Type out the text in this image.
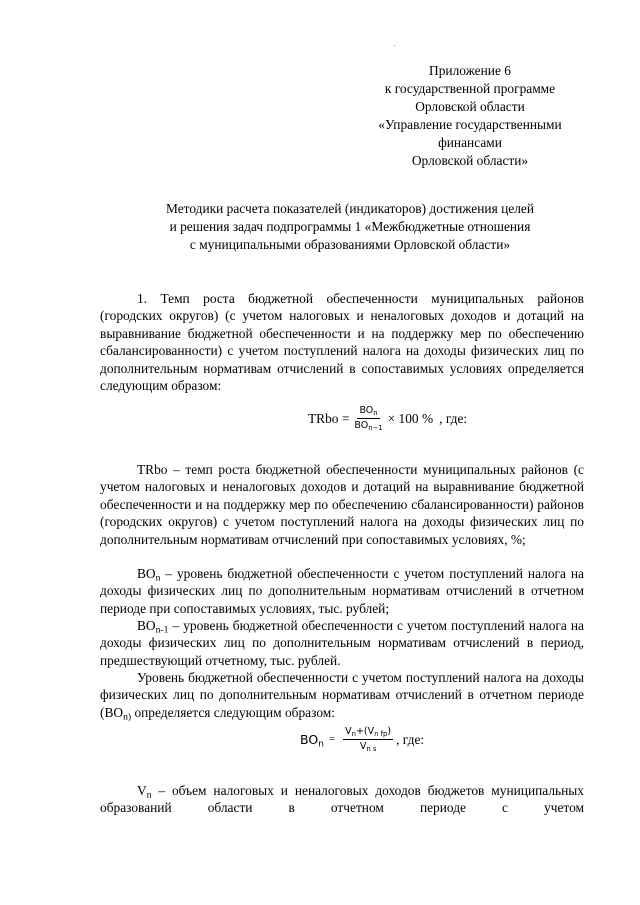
Приложение 6
к государственной программе
Орловской области
«Управление государственными
финансами
Орловской области»
Методики расчета показателей (индикаторов) достижения целей
и решения задач подпрограммы 1 «Межбюджетные отношения
с муниципальными образованиями Орловской области»
1. Темп роста бюджетной обеспеченности муниципальных районов (городских округов) (с учетом налоговых и неналоговых доходов и дотаций на выравнивание бюджетной обеспеченности и на поддержку мер по обеспечению сбалансированности) с учетом поступлений налога на доходы физических лиц по дополнительным нормативам отчислений в сопоставимых условиях определяется следующим образом:
TRbo = $\frac{BO_n}{BO_{n-1}} \times 100$ % , где:
TRbo – темп роста бюджетной обеспеченности муниципальных районов (с учетом налоговых и неналоговых доходов и дотаций на выравнивание бюджетной обеспеченности и на поддержку мер по обеспечению сбалансированности) районов (городских округов) с учетом поступлений налога на доходы физических лиц по дополнительным нормативам отчислений при сопоставимых условиях, %;
$BO_n$ – уровень бюджетной обеспеченности с учетом поступлений налога на доходы физических лиц по дополнительным нормативам отчислений в отчетном периоде при сопоставимых условиях, тыс. рублей;
$BO_{n-1}$ – уровень бюджетной обеспеченности с учетом поступлений налога на доходы физических лиц по дополнительным нормативам отчислений в период, предшествующий отчетному, тыс. рублей.
Уровень бюджетной обеспеченности с учетом поступлений налога на доходы физических лиц по дополнительным нормативам отчислений в отчетном периоде ($BO_{n)}$ определяется следующим образом:
$BO_n = \frac{V_n+(V_{n fp})}{V_{n s}}$ , где:
$V_n$ – объем налоговых и неналоговых доходов бюджетов муниципальных образований области в отчетном периоде с учетом
